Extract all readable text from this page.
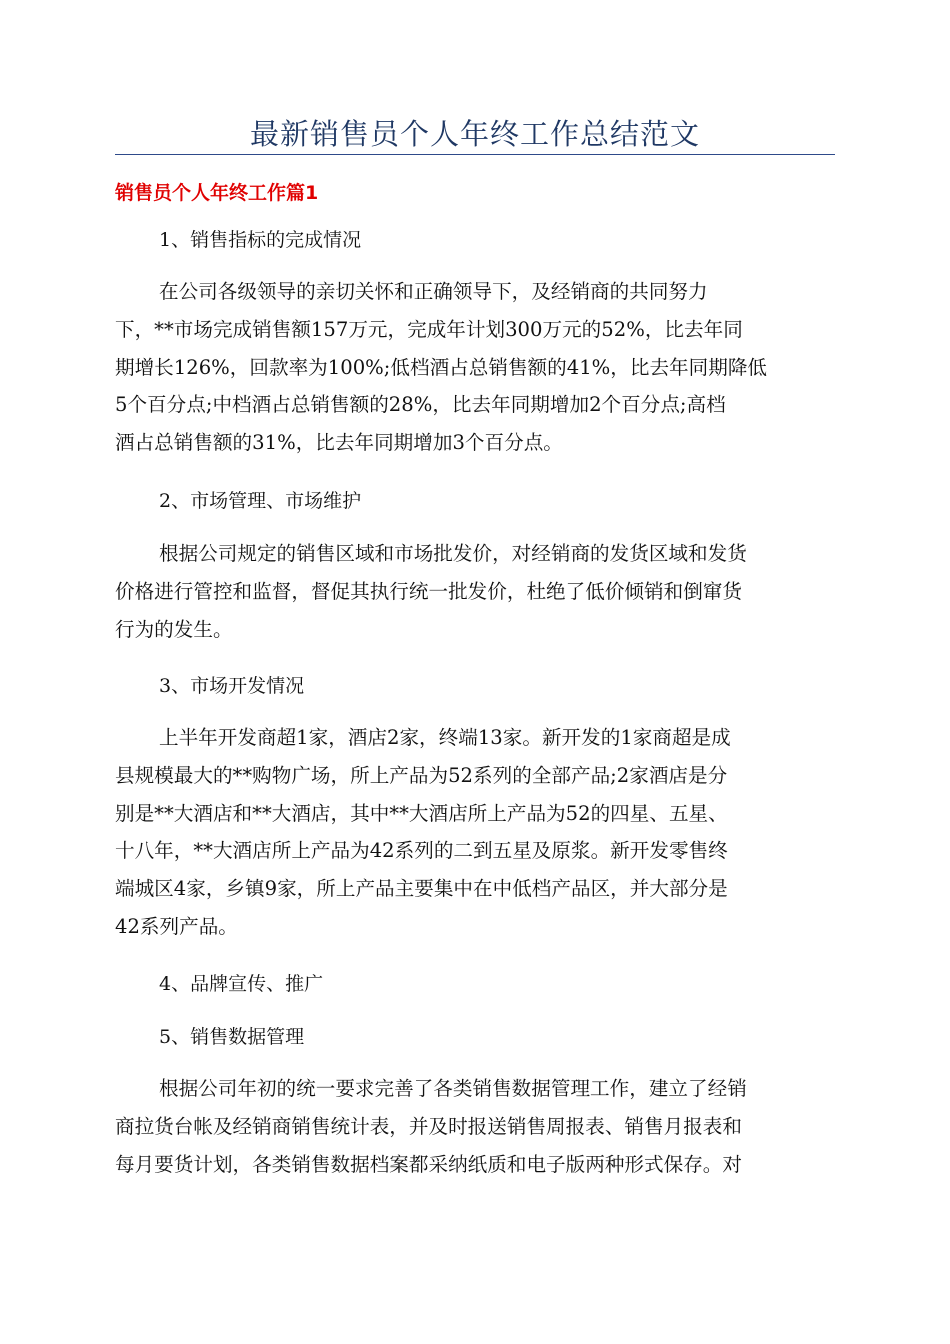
最新销售员个人年终工作总结范文
销售员个人年终工作篇1
1、销售指标的完成情况
在公司各级领导的亲切关怀和正确领导下，及经销商的共同努力
下，**市场完成销售额157万元，完成年计划300万元的52%，比去年同
期增长126%，回款率为100%;低档酒占总销售额的41%，比去年同期降低
5个百分点;中档酒占总销售额的28%，比去年同期增加2个百分点;高档
酒占总销售额的31%，比去年同期增加3个百分点。
2、市场管理、市场维护
根据公司规定的销售区域和市场批发价，对经销商的发货区域和发货
价格进行管控和监督，督促其执行统一批发价，杜绝了低价倾销和倒窜货
行为的发生。
3、市场开发情况
上半年开发商超1家，酒店2家，终端13家。新开发的1家商超是成
县规模最大的**购物广场，所上产品为52系列的全部产品;2家酒店是分
别是**大酒店和**大酒店，其中**大酒店所上产品为52的四星、五星、
十八年，**大酒店所上产品为42系列的二到五星及原浆。新开发零售终
端城区4家，乡镇9家，所上产品主要集中在中低档产品区，并大部分是
42系列产品。
4、品牌宣传、推广
5、销售数据管理
根据公司年初的统一要求完善了各类销售数据管理工作，建立了经销
商拉货台帐及经销商销售统计表，并及时报送销售周报表、销售月报表和
每月要货计划，各类销售数据档案都采纳纸质和电子版两种形式保存。对
